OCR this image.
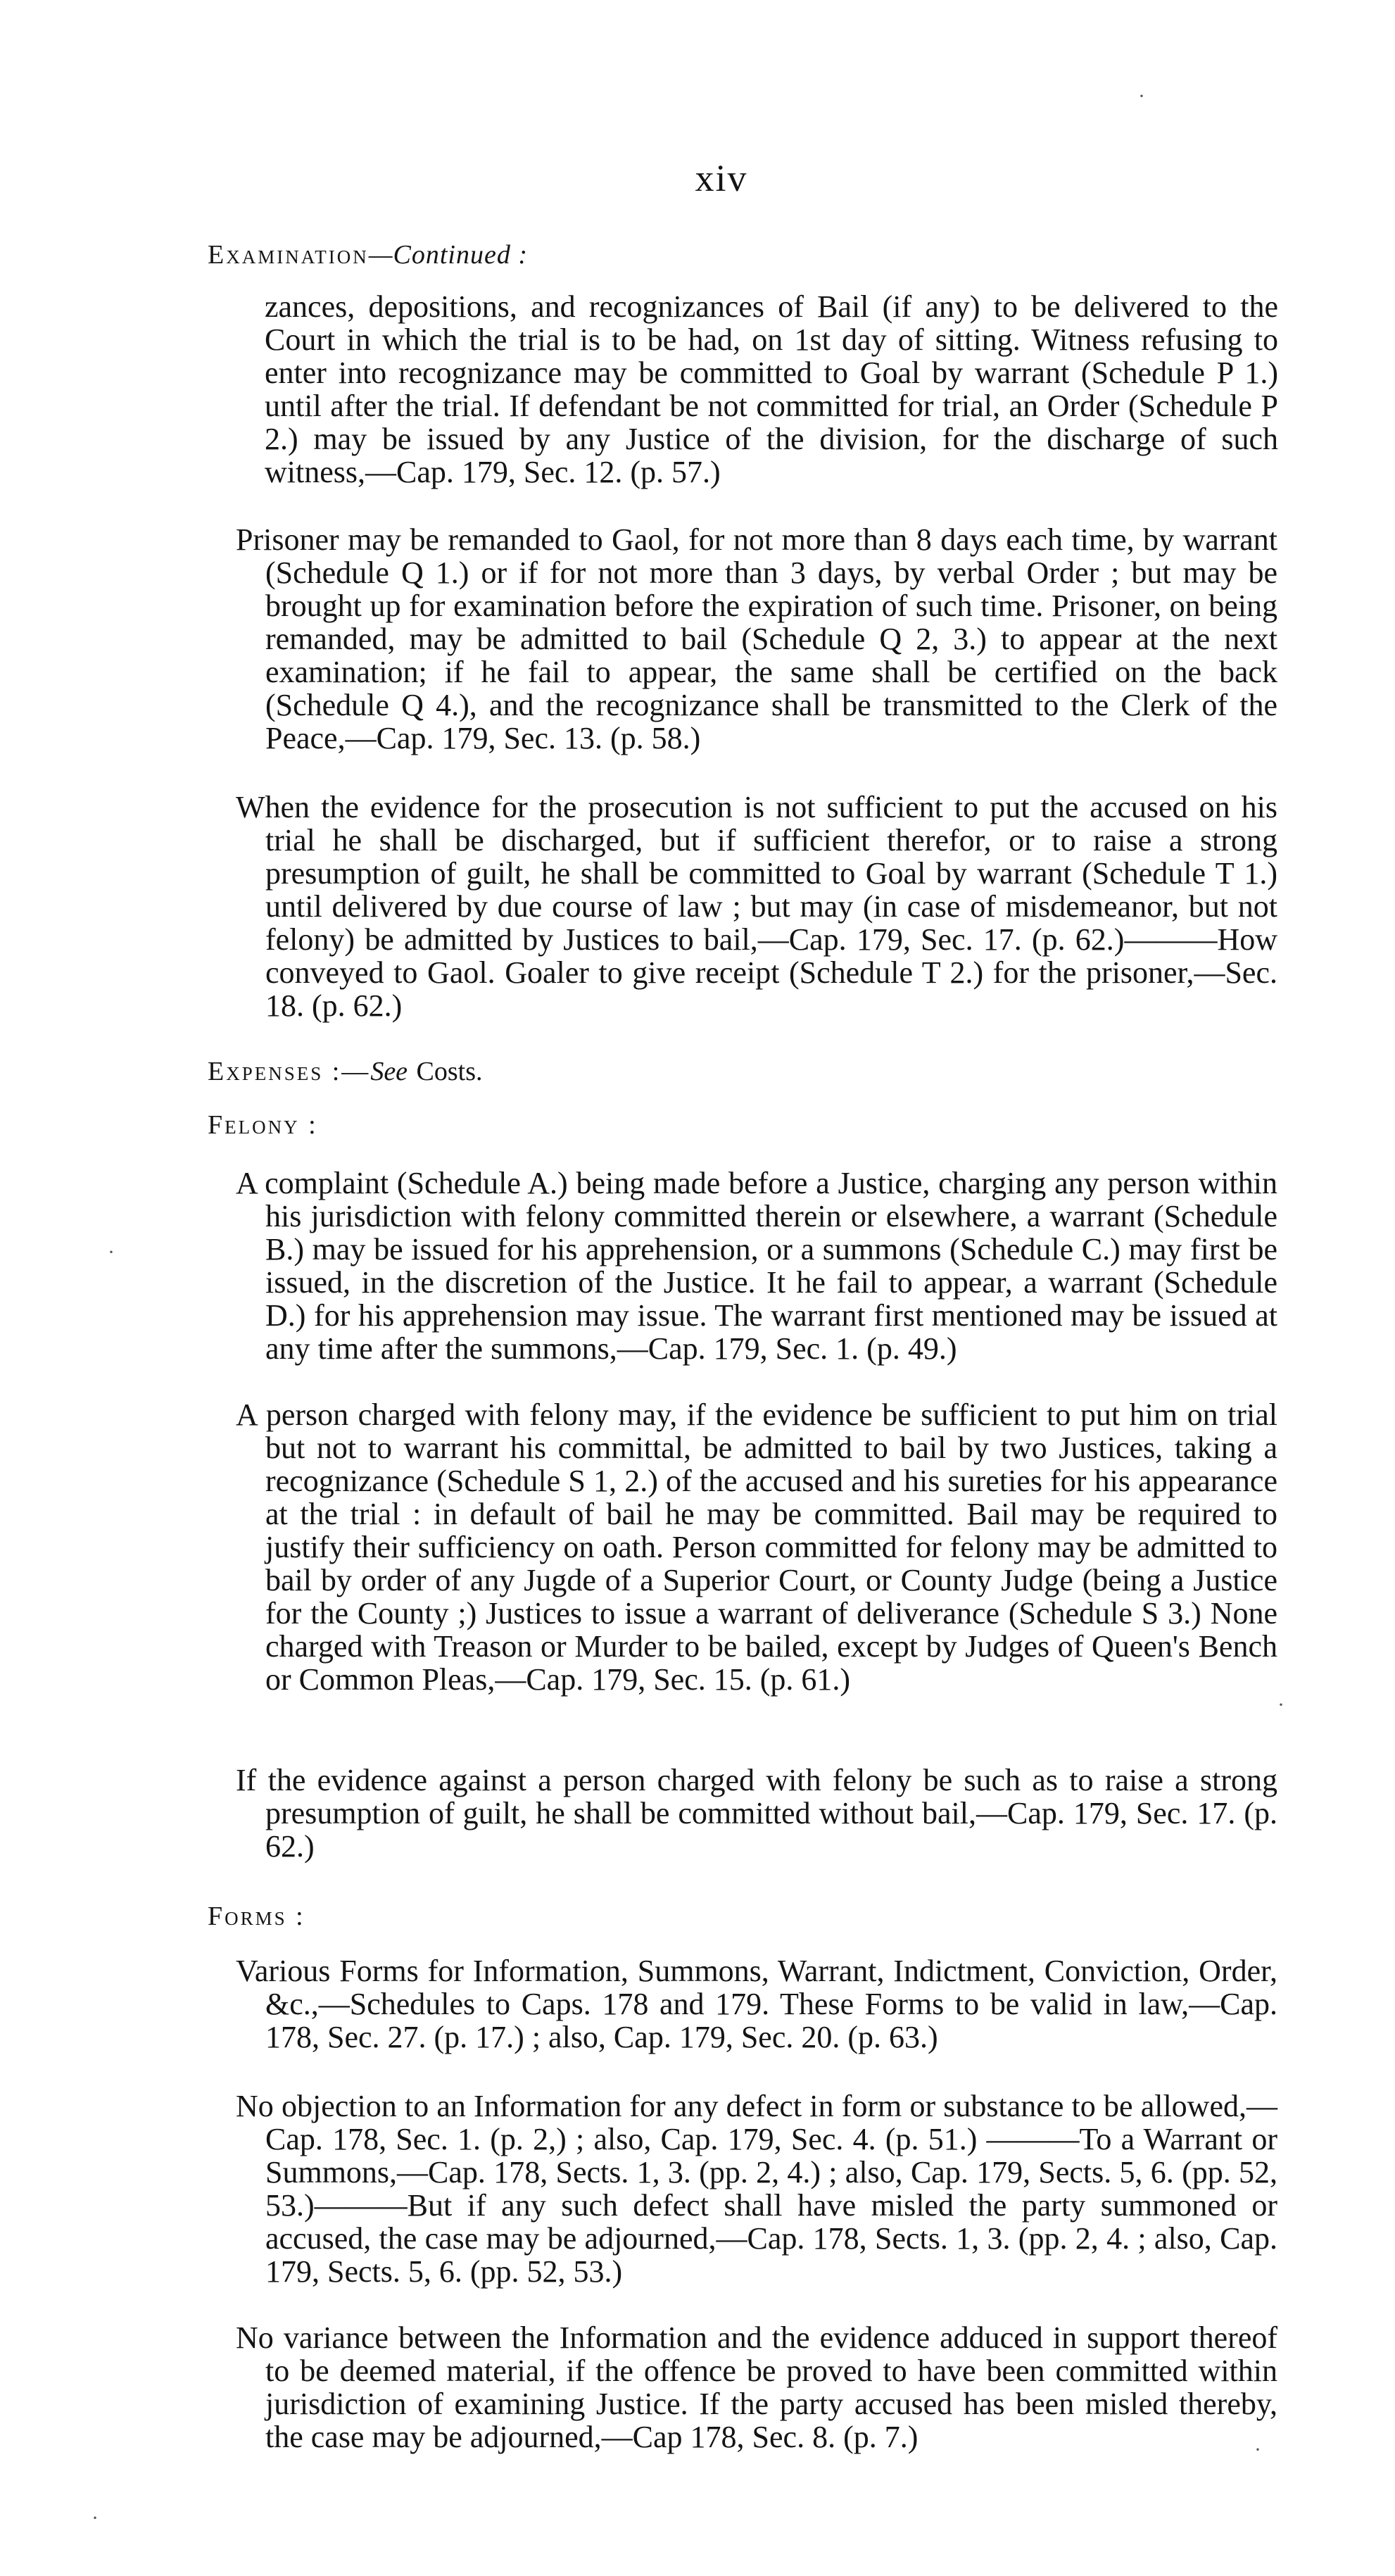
xiv
Examination—Continued :
zances, depositions, and recognizances of Bail (if any) to be delivered to the Court in which the trial is to be had, on 1st day of sitting. Witness refusing to enter into recognizance may be committed to Goal by warrant (Schedule P 1.) until after the trial. If defendant be not committed for trial, an Order (Schedule P 2.) may be issued by any Justice of the division, for the discharge of such witness,—Cap. 179, Sec. 12. (p. 57.)
Prisoner may be remanded to Gaol, for not more than 8 days each time, by warrant (Schedule Q 1.) or if for not more than 3 days, by verbal Order ; but may be brought up for examination before the expiration of such time. Prisoner, on being remanded, may be admitted to bail (Schedule Q 2, 3.) to appear at the next examination; if he fail to appear, the same shall be certified on the back (Schedule Q 4.), and the recognizance shall be transmitted to the Clerk of the Peace,—Cap. 179, Sec. 13. (p. 58.)
When the evidence for the prosecution is not sufficient to put the accused on his trial he shall be discharged, but if sufficient therefor, or to raise a strong presumption of guilt, he shall be committed to Goal by warrant (Schedule T 1.) until delivered by due course of law ; but may (in case of misdemeanor, but not felony) be admitted by Justices to bail,—Cap. 179, Sec. 17. (p. 62.)———How conveyed to Gaol. Goaler to give receipt (Schedule T 2.) for the prisoner,—Sec. 18. (p. 62.)
Expenses :—See Costs.
Felony :
A complaint (Schedule A.) being made before a Justice, charging any person within his jurisdiction with felony committed therein or elsewhere, a warrant (Schedule B.) may be issued for his apprehension, or a summons (Schedule C.) may first be issued, in the discretion of the Justice. It he fail to appear, a warrant (Schedule D.) for his apprehension may issue. The warrant first mentioned may be issued at any time after the summons,—Cap. 179, Sec. 1. (p. 49.)
A person charged with felony may, if the evidence be sufficient to put him on trial but not to warrant his committal, be admitted to bail by two Justices, taking a recognizance (Schedule S 1, 2.) of the accused and his sureties for his appearance at the trial : in default of bail he may be committed. Bail may be required to justify their sufficiency on oath. Person committed for felony may be admitted to bail by order of any Jugde of a Superior Court, or County Judge (being a Justice for the County ;) Justices to issue a warrant of deliverance (Schedule S 3.) None charged with Treason or Murder to be bailed, except by Judges of Queen's Bench or Common Pleas,—Cap. 179, Sec. 15. (p. 61.)
If the evidence against a person charged with felony be such as to raise a strong presumption of guilt, he shall be committed without bail,—Cap. 179, Sec. 17. (p. 62.)
Forms :
Various Forms for Information, Summons, Warrant, Indictment, Conviction, Order, &c.,—Schedules to Caps. 178 and 179. These Forms to be valid in law,—Cap. 178, Sec. 27. (p. 17.) ; also, Cap. 179, Sec. 20. (p. 63.)
No objection to an Information for any defect in form or substance to be allowed,—Cap. 178, Sec. 1. (p. 2,) ; also, Cap. 179, Sec. 4. (p. 51.) ———To a Warrant or Summons,—Cap. 178, Sects. 1, 3. (pp. 2, 4.) ; also, Cap. 179, Sects. 5, 6. (pp. 52, 53.)———But if any such defect shall have misled the party summoned or accused, the case may be adjourned,—Cap. 178, Sects. 1, 3. (pp. 2, 4. ; also, Cap. 179, Sects. 5, 6. (pp. 52, 53.)
No variance between the Information and the evidence adduced in support thereof to be deemed material, if the offence be proved to have been committed within jurisdiction of examining Justice. If the party accused has been misled thereby, the case may be adjourned,—Cap 178, Sec. 8. (p. 7.)
·
·
·
·
·
